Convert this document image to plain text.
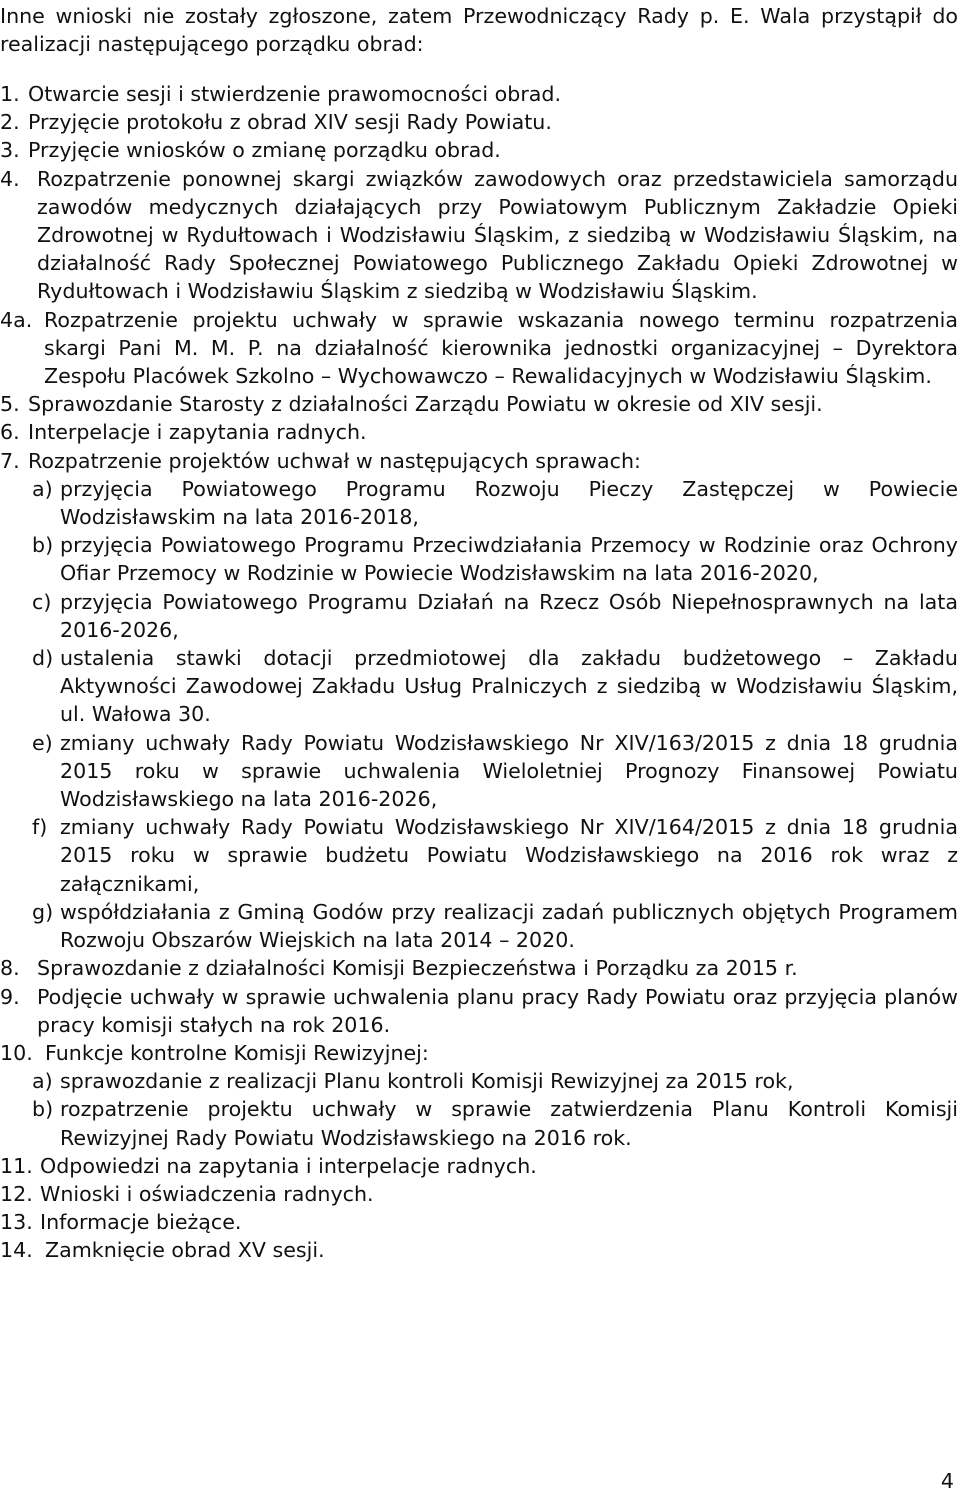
Inne wnioski nie zostały zgłoszone, zatem Przewodniczący Rady p. E. Wala przystąpił do realizacji następującego porządku obrad:

1. Otwarcie sesji i stwierdzenie prawomocności obrad.
2. Przyjęcie protokołu z obrad XIV sesji Rady Powiatu.
3. Przyjęcie wniosków o zmianę porządku obrad.
4. Rozpatrzenie ponownej skargi związków zawodowych oraz przedstawiciela samorządu zawodów medycznych działających przy Powiatowym Publicznym Zakładzie Opieki Zdrowotnej w Rydułtowach i Wodzisławiu Śląskim, z siedzibą w Wodzisławiu Śląskim, na działalność Rady Społecznej Powiatowego Publicznego Zakładu Opieki Zdrowotnej w Rydułtowach i Wodzisławiu Śląskim z siedzibą w Wodzisławiu Śląskim.
4a. Rozpatrzenie projektu uchwały w sprawie wskazania nowego terminu rozpatrzenia skargi Pani M. M. P. na działalność kierownika jednostki organizacyjnej – Dyrektora Zespołu Placówek Szkolno – Wychowawczo – Rewalidacyjnych w Wodzisławiu Śląskim.
5. Sprawozdanie Starosty z działalności Zarządu Powiatu w okresie od XIV sesji.
6. Interpelacje i zapytania radnych.
7. Rozpatrzenie projektów uchwał w następujących sprawach:
a) przyjęcia Powiatowego Programu Rozwoju Pieczy Zastępczej w Powiecie Wodzisławskim na lata 2016-2018,
b) przyjęcia Powiatowego Programu Przeciwdziałania Przemocy w Rodzinie oraz Ochrony Ofiar Przemocy w Rodzinie w Powiecie Wodzisławskim na lata 2016-2020,
c) przyjęcia Powiatowego Programu Działań na Rzecz Osób Niepełnosprawnych na lata 2016-2026,
d) ustalenia stawki dotacji przedmiotowej dla zakładu budżetowego – Zakładu Aktywności Zawodowej Zakładu Usług Pralniczych z siedzibą w Wodzisławiu Śląskim, ul. Wałowa 30.
e) zmiany uchwały Rady Powiatu Wodzisławskiego Nr XIV/163/2015 z dnia 18 grudnia 2015 roku w sprawie uchwalenia Wieloletniej Prognozy Finansowej Powiatu Wodzisławskiego na lata 2016-2026,
f) zmiany uchwały Rady Powiatu Wodzisławskiego Nr XIV/164/2015 z dnia 18 grudnia 2015 roku w sprawie budżetu Powiatu Wodzisławskiego na 2016 rok wraz z załącznikami,
g) współdziałania z Gminą Godów przy realizacji zadań publicznych objętych Programem Rozwoju Obszarów Wiejskich na lata 2014 – 2020.
8. Sprawozdanie z działalności Komisji Bezpieczeństwa i Porządku za 2015 r.
9. Podjęcie uchwały w sprawie uchwalenia planu pracy Rady Powiatu oraz przyjęcia planów pracy komisji stałych na rok 2016.
10. Funkcje kontrolne Komisji Rewizyjnej:
a) sprawozdanie z realizacji Planu kontroli Komisji Rewizyjnej za 2015 rok,
b) rozpatrzenie projektu uchwały w sprawie zatwierdzenia Planu Kontroli Komisji Rewizyjnej Rady Powiatu Wodzisławskiego na 2016 rok.
11. Odpowiedzi na zapytania i interpelacje radnych.
12. Wnioski i oświadczenia radnych.
13. Informacje bieżące.
14. Zamknięcie obrad XV sesji.
4
